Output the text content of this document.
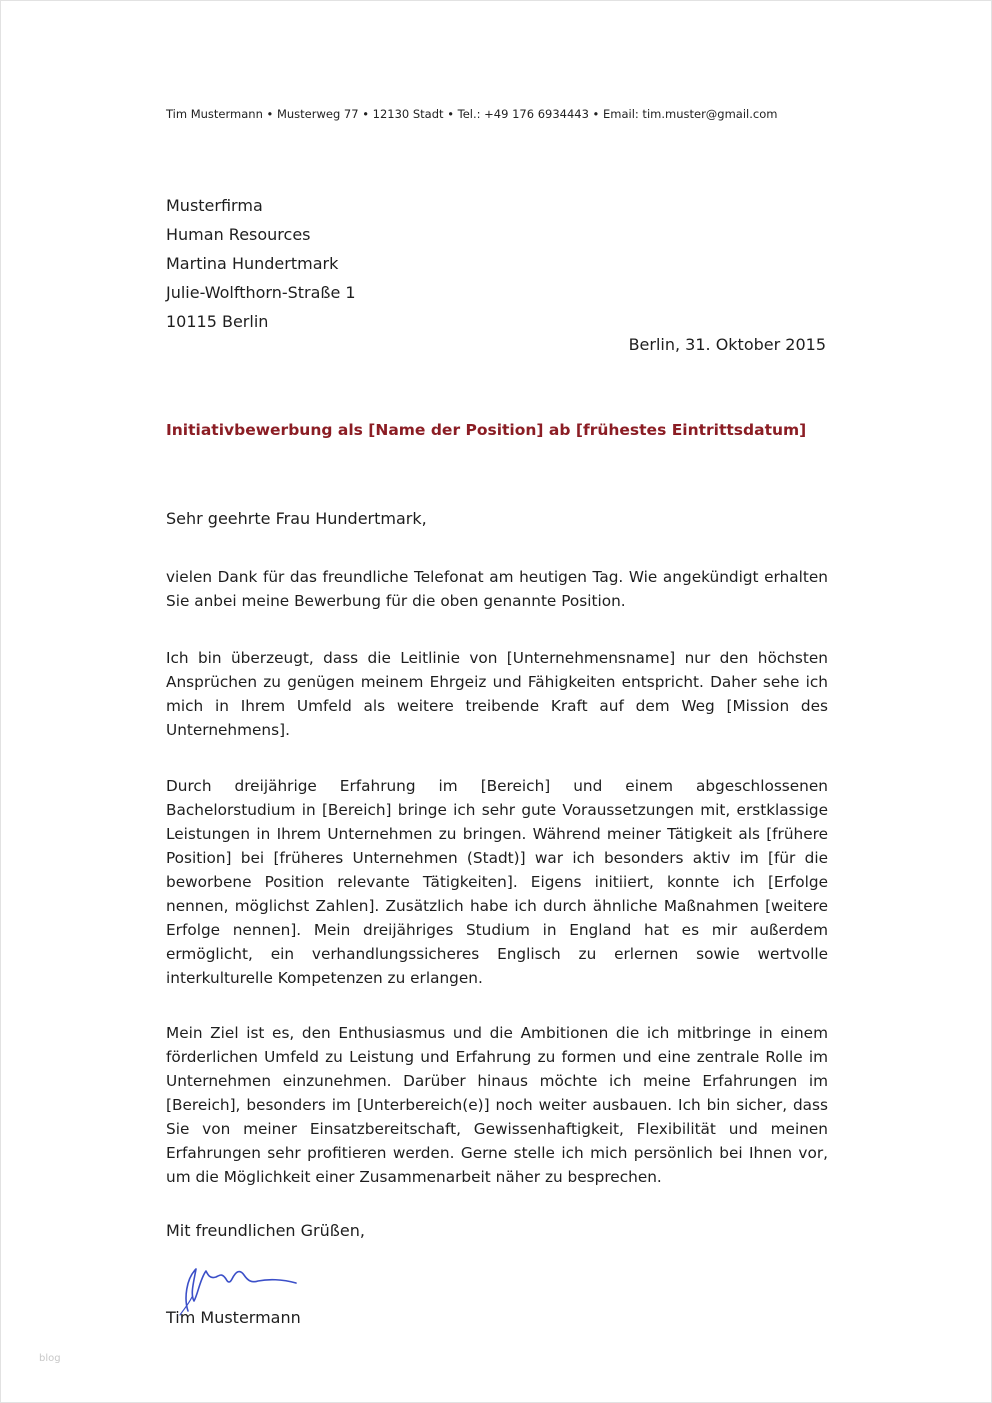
Tim Mustermann • Musterweg 77 • 12130 Stadt • Tel.: +49 176 6934443 • Email: tim.muster@gmail.com
Musterfirma
Human Resources
Martina Hundertmark
Julie-Wolfthorn-Straße 1
10115 Berlin
Berlin, 31. Oktober 2015
Initiativbewerbung als [Name der Position] ab [frühestes Eintrittsdatum]
Sehr geehrte Frau Hundertmark,

vielen Dank für das freundliche Telefonat am heutigen Tag. Wie angekündigt erhalten Sie anbei meine Bewerbung für die oben genannte Position.

Ich bin überzeugt, dass die Leitlinie von [Unternehmensname] nur den höchsten Ansprüchen zu genügen meinem Ehrgeiz und Fähigkeiten entspricht. Daher sehe ich mich in Ihrem Umfeld als weitere treibende Kraft auf dem Weg [Mission des Unternehmens].

Durch dreijährige Erfahrung im [Bereich] und einem abgeschlossenen Bachelorstudium in [Bereich] bringe ich sehr gute Voraussetzungen mit, erstklassige Leistungen in Ihrem Unternehmen zu bringen. Während meiner Tätigkeit als [frühere Position] bei [früheres Unternehmen (Stadt)] war ich besonders aktiv im [für die beworbene Position relevante Tätigkeiten]. Eigens initiiert, konnte ich [Erfolge nennen, möglichst Zahlen]. Zusätzlich habe ich durch ähnliche Maßnahmen [weitere Erfolge nennen]. Mein dreijähriges Studium in England hat es mir außerdem ermöglicht, ein verhandlungssicheres Englisch zu erlernen sowie wertvolle interkulturelle Kompetenzen zu erlangen.

Mein Ziel ist es, den Enthusiasmus und die Ambitionen die ich mitbringe in einem förderlichen Umfeld zu Leistung und Erfahrung zu formen und eine zentrale Rolle im Unternehmen einzunehmen. Darüber hinaus möchte ich meine Erfahrungen im [Bereich], besonders im [Unterbereich(e)] noch weiter ausbauen. Ich bin sicher, dass Sie von meiner Einsatzbereitschaft, Gewissenhaftigkeit, Flexibilität und meinen Erfahrungen sehr profitieren werden. Gerne stelle ich mich persönlich bei Ihnen vor, um die Möglichkeit einer Zusammenarbeit näher zu besprechen.

Mit freundlichen Grüßen,
Tim Mustermann
blog
